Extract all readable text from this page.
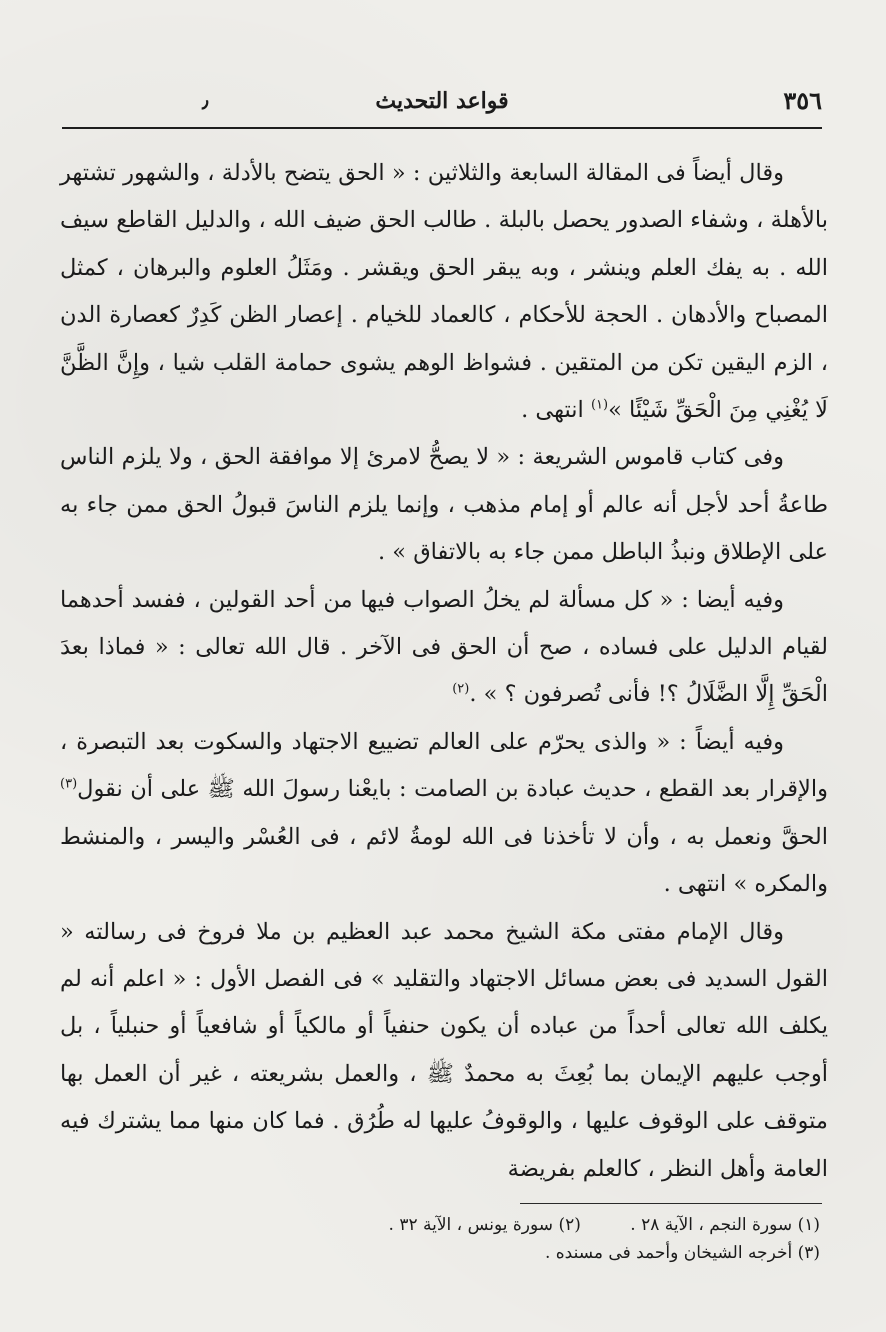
٣٥٦
قواعد التحديث
٫

وقال أيضاً فى المقالة السابعة والثلاثين : « الحق يتضح بالأدلة ، والشهور تشتهر بالأهلة ، وشفاء الصدور يحصل بالبلة . طالب الحق ضيف الله ، والدليل القاطع سيف الله . به يفك العلم وينشر ، وبه يبقر الحق ويقشر . ومَثَلُ العلوم والبرهان ، كمثل المصباح والأدهان . الحجة للأحكام ، كالعماد للخيام . إعصار الظن كَدِرٌ كعصارة الدن ، الزم اليقين تكن من المتقين . فشواظ الوهم يشوى حمامة القلب شيا ، وإِنَّ الظَّنَّ لَا يُغْنِي مِنَ الْحَقِّ شَيْئًا »$^{(١)}$ انتهى .

وفى كتاب قاموس الشريعة : « لا يصحُّ لامرئ إلا موافقة الحق ، ولا يلزم الناس طاعةُ أحد لأجل أنه عالم أو إمام مذهب ، وإنما يلزم الناسَ قبولُ الحق ممن جاء به على الإطلاق ونبذُ الباطل ممن جاء به بالاتفاق » .

وفيه أيضا : « كل مسألة لم يخلُ الصواب فيها من أحد القولين ، ففسد أحدهما لقيام الدليل على فساده ، صح أن الحق فى الآخر . قال الله تعالى : « فماذا بعدَ الْحَقِّ إِلَّا الضَّلَالُ ؟! فأنى تُصرفون ؟ » .$^{(٢)}$

وفيه أيضاً : « والذى يحرّم على العالم تضييع الاجتهاد والسكوت بعد التبصرة ، والإقرار بعد القطع ، حديث عبادة بن الصامت : بايعْنا رسولَ الله ﷺ على أن نقول$^{(٣)}$ الحقَّ ونعمل به ، وأن لا تأخذنا فى الله لومةُ لائم ، فى العُسْر واليسر ، والمنشط والمكره » انتهى .

وقال الإمام مفتى مكة الشيخ محمد عبد العظيم بن ملا فروخ فى رسالته « القول السديد فى بعض مسائل الاجتهاد والتقليد » فى الفصل الأول : « اعلم أنه لم يكلف الله تعالى أحداً من عباده أن يكون حنفياً أو مالكياً أو شافعياً أو حنبلياً ، بل أوجب عليهم الإيمان بما بُعِثَ به محمدٌ ﷺ ، والعمل بشريعته ، غير أن العمل بها متوقف على الوقوف عليها ، والوقوفُ عليها له طُرُق . فما كان منها مما يشترك فيه العامة وأهل النظر ، كالعلم بفريضة

(١) سورة النجم ، الآية ٢٨ . (٢) سورة يونس ، الآية ٣٢ .
(٣) أخرجه الشيخان وأحمد فى مسنده .
